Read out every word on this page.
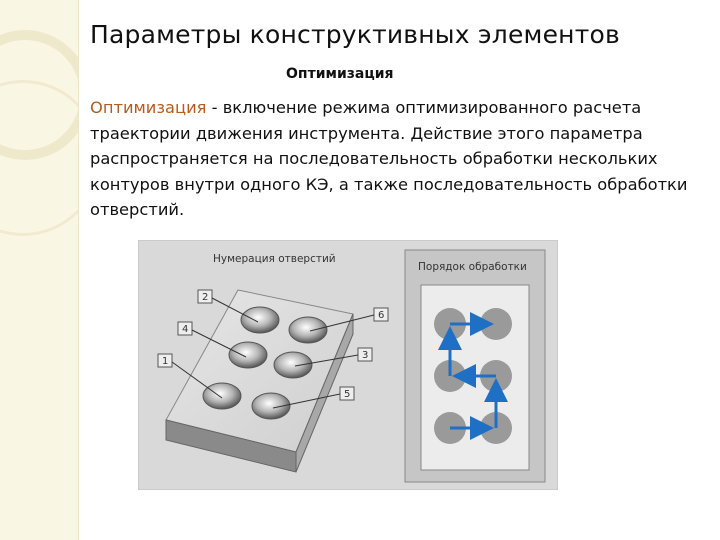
Параметры конструктивных элементов
Оптимизация

Оптимизация - включение режима оптимизированного расчета траектории движения инструмента. Действие этого параметра распространяется на последовательность обработки нескольких контуров внутри одного КЭ, а также последовательность обработки отверстий.

Нумерация отверстий
2
4
1
6
3
5
Порядок обработки
